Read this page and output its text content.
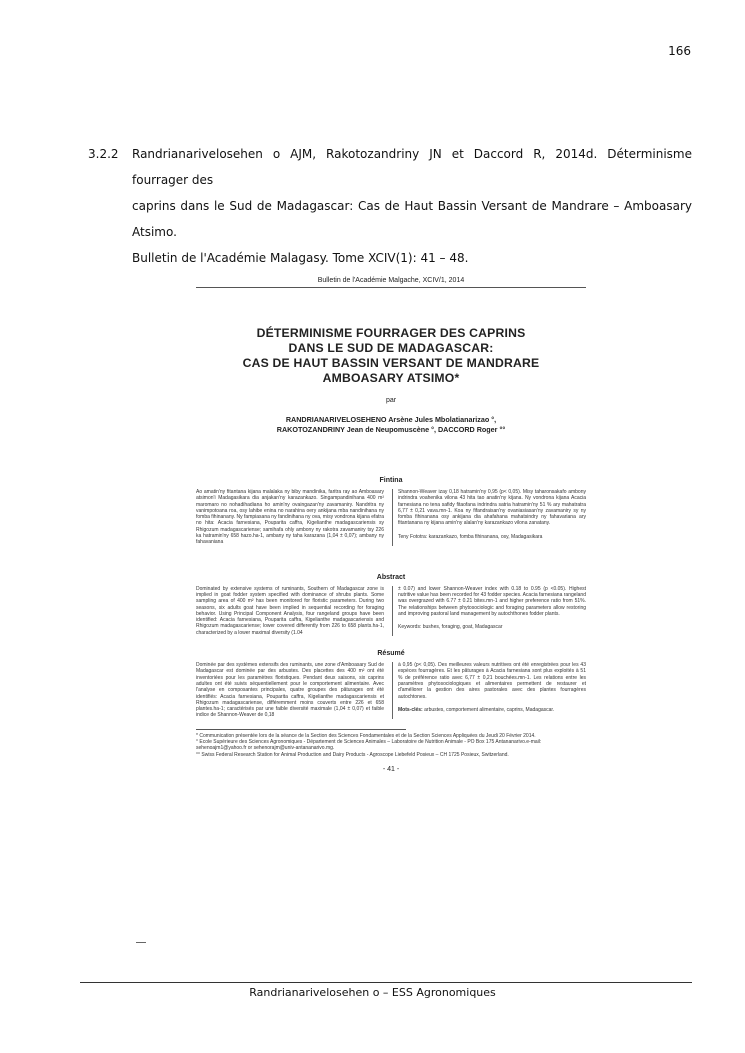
166
3.2.2 Randrianarivelosehen o AJM, Rakotozandriny JN et Daccord R, 2014d. Déterminisme fourrager des
caprins dans le Sud de Madagascar: Cas de Haut Bassin Versant de Mandrare – Amboasary Atsimo.
Bulletin de l'Académie Malagasy. Tome XCIV(1): 41 – 48.
Bulletin de l'Académie Malgache, XCIV/1, 2014
DÉTERMINISME FOURRAGER DES CAPRINS
DANS LE SUD DE MADAGASCAR:
CAS DE HAUT BASSIN VERSANT DE MANDRARE
AMBOASARY ATSIMO*
par
RANDRIANARIVELOSEHENO Arsène Jules Mbolatianarizao °,
RAKOTOZANDRINY Jean de Neupomuscène °, DACCORD Roger °°
Fintina
Ao amatin'ny fitantana kijana malalaka ny biby mandinika, faritra ray ao Amboasary atsimon'i Madagasikara dia anjakan'ny karazankazo. Singampandinihana 400 m² maromaro no nohadihadiana ho amin'ny ovaingazan'ny zavamaniry. Nandritra ny vanimpotoana roa, osy lahibe enina no narahina oery ankijana mba nandinihana ny fomba fihinanany. Ny fampiasana ny fandinihana ny ova, misy vondrona kijana efatra no hita: Acacia farnesiana, Pouparita caffra, Kigelianthe madagascariensis sy Rhigozum madagascariense; samihafa ohly ambony ny rakotra zavamaniry tsy 226 ka hatramin'ny 658 hazo.ha-1, ambany ny taha karazana (1,04 ± 0,07); ambany ny fahavaniana
Shannon-Weaver izay 0,18 hatramin'ny 0,95 (p< 0,05). Misy taharonsakafo ambony indrindra voahenika vilona 43 hita tao anatin'ny kijana. Ny vondrona kijana Acacia farnesiana no tena safidy fitaofana indrindra satria hatramin'ny 51 % ary mahatratra 6,77 ± 0,21 vava.mn-1. Koa ny fifandraisan'ny ovaniasiasan'ny zavamaniry sy ny fomba fihinanana osy ankijana dia ahafahana mahatsindry ny fahavariana ary fitantanana ny kijana amin'ny alalan'ny karazankazo vilona zanatany.
Teny Fototra: karazankazo, fomba fihinanana, osy, Madagasikara
Abstract
Dominated by extensive systems of ruminants, Southern of Madagascar zone is implied in goat fodder system specified with dominance of shrubs plants. Some sampling area of 400 m² has been monitored for floristic parameters. During two seasons, six adults goat have been implied in sequential recording for foraging behavior. Using Principal Component Analysis, four rangeland groups have been identified: Acacia farnesiana, Pouparita caffra, Kigelianthe madagascariensis and Rhigozum madagascariense; lower covered differently from 226 to 658 plants.ha-1, characterized by a lower maximal diversity (1.04
± 0.07) and lower Shannon-Weaver index with 0.18 to 0.95 (p <0.05). Highest nutritive value has been recorded for 43 fodder species. Acacia farnesiana rangeland was overgrazed with 6.77 ± 0.21 bites.mn-1 and higher preference ratio from 51%. The relationships between phytosociologic and foraging parameters allow restoring and improving pastoral land management by autochthones fodder plants.
Keywords: bushes, foraging, goat, Madagascar
Résumé
Dominée par des systèmes extensifs des ruminants, une zone d'Amboasary Sud de Madagascar est dominée par des arbustes. Des placettes des 400 m² ont été inventoriées pour les paramètres floristiques. Pendant deux saisons, six caprins adultes ont été suivis séquentiellement pour le comportement alimentaire. Avec l'analyse en composantes principales, quatre groupes des pâturages ont été identifiés: Acacia farnesiana, Pouparita caffra, Kigelianthe madagascariensis et Rhigozum madagascariense, différemment moins couverts entre 226 et 658 plantes.ha-1; caractérisés par une faible diversité maximale (1,04 ± 0,07) et faible indice de Shannon-Weaver de 0,18
à 0,95 (p< 0,05). Des meilleures valeurs nutritives ont été enregistrées pour les 43 espèces fourragères. Et les pâturages à Acacia farnesiana sont plus exploités à 51 % de préférence ratio avec 6,77 ± 0,21 bouchées.mn-1. Les relations entre les paramètres phytosociologiques et alimentaires permettent de restaurer et d'améliorer la gestion des aires pastorales avec des plantes fourragères autochtones.
Mots-clés: arbustes, comportement alimentaire, caprins, Madagascar.
* Communication présentée lors de la séance de la Section des Sciences Fondamentales et de la Section Sciences Appliquées du Jeudi 20 Février 2014.
° Ecole Supérieure des Sciences Agronomiques - Département de Sciences Animales – Laboratoire de Nutrition Animale - PO Box 175 Antananarivo.e-mail: sehenoajm1@yahoo.fr or sehenorajm@univ-antananarivo.mg.
°° Swiss Federal Research Station for Animal Production and Dairy Products - Agroscope Liebefeld Posieux – CH 1725 Posieux, Switzerland.
- 41 -
Randrianarivelosehen o – ESS Agronomiques
